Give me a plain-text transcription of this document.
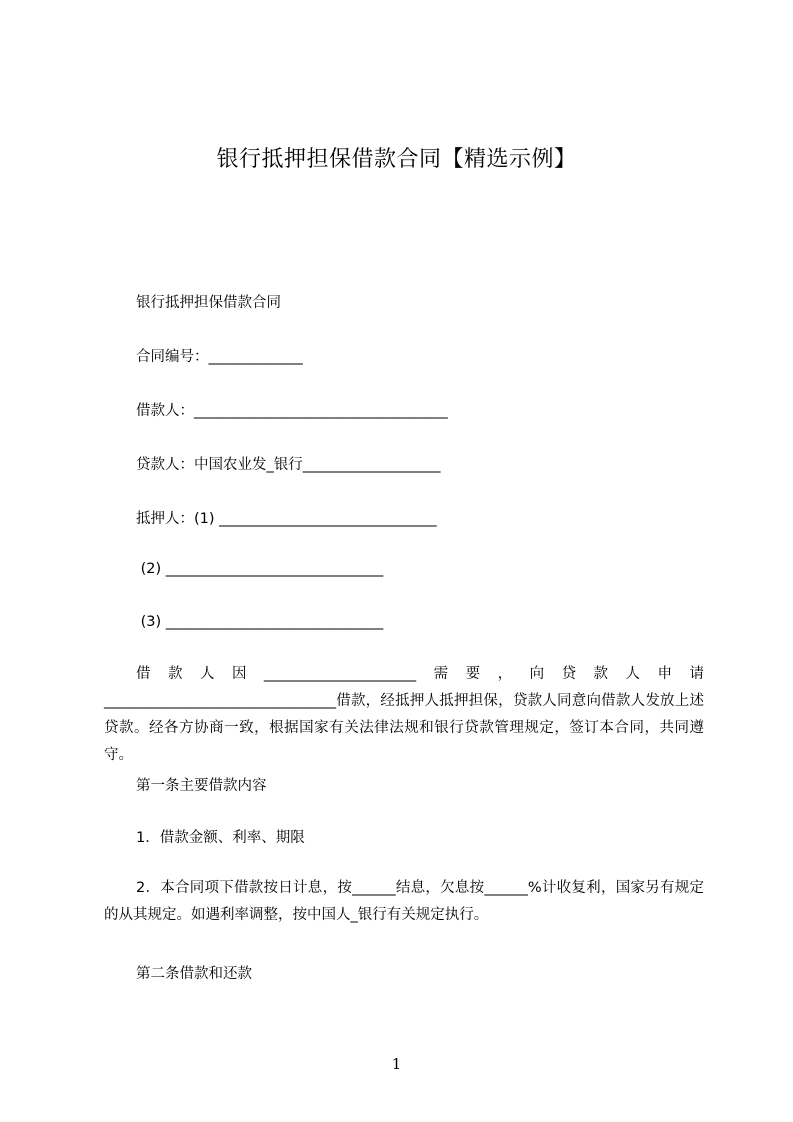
银行抵押担保借款合同【精选示例】
银行抵押担保借款合同
合同编号：_____________
借款人：___________________________________
贷款人：中国农业发_银行___________________
抵押人：(1) ______________________________
(2) ______________________________
(3) ______________________________
借款人因_____________________需要，向贷款人申请________________________________借款，经抵押人抵押担保，贷款人同意向借款人发放上述贷款。经各方协商一致，根据国家有关法律法规和银行贷款管理规定，签订本合同，共同遵守。
第一条主要借款内容
1．借款金额、利率、期限
2．本合同项下借款按日计息，按______结息，欠息按______%计收复利，国家另有规定的从其规定。如遇利率调整，按中国人_银行有关规定执行。
第二条借款和还款
1
